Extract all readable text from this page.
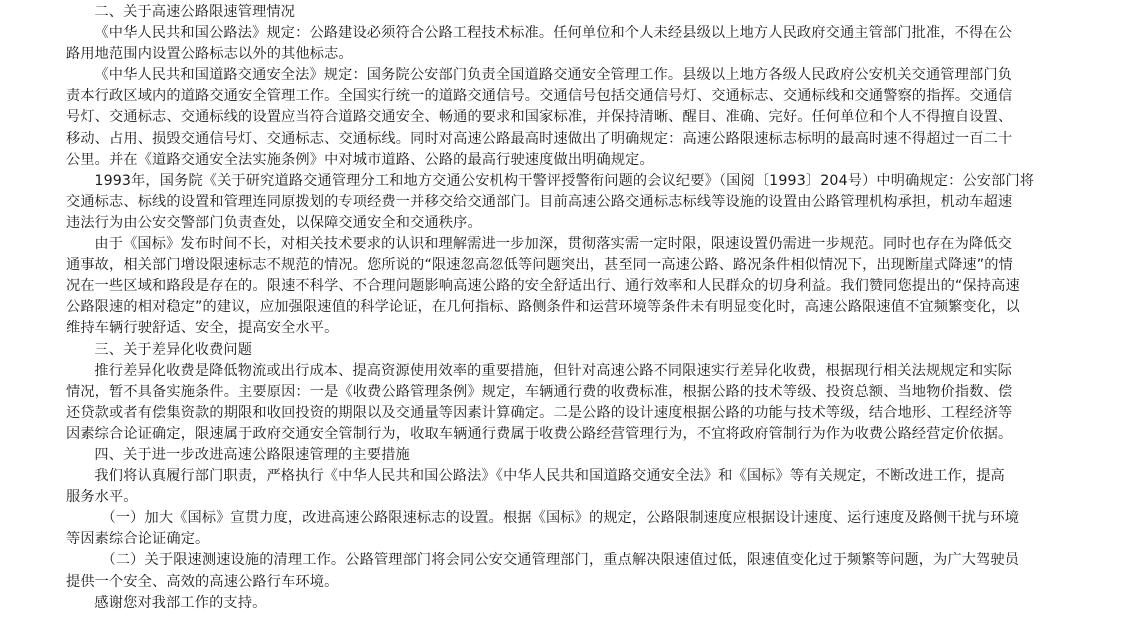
二、关于高速公路限速管理情况

《中华人民共和国公路法》规定：公路建设必须符合公路工程技术标准。任何单位和个人未经县级以上地方人民政府交通主管部门批准，不得在公
路用地范围内设置公路标志以外的其他标志。

《中华人民共和国道路交通安全法》规定：国务院公安部门负责全国道路交通安全管理工作。县级以上地方各级人民政府公安机关交通管理部门负
责本行政区域内的道路交通安全管理工作。全国实行统一的道路交通信号。交通信号包括交通信号灯、交通标志、交通标线和交通警察的指挥。交通信
号灯、交通标志、交通标线的设置应当符合道路交通安全、畅通的要求和国家标准，并保持清晰、醒目、准确、完好。任何单位和个人不得擅自设置、
移动、占用、损毁交通信号灯、交通标志、交通标线。同时对高速公路最高时速做出了明确规定：高速公路限速标志标明的最高时速不得超过一百二十
公里。并在《道路交通安全法实施条例》中对城市道路、公路的最高行驶速度做出明确规定。

1993年，国务院《关于研究道路交通管理分工和地方交通公安机构干警评授警衔问题的会议纪要》（国阅〔1993〕204号）中明确规定：公安部门将
交通标志、标线的设置和管理连同原拨划的专项经费一并移交给交通部门。目前高速公路交通标志标线等设施的设置由公路管理机构承担，机动车超速
违法行为由公安交警部门负责查处，以保障交通安全和交通秩序。

由于《国标》发布时间不长，对相关技术要求的认识和理解需进一步加深，贯彻落实需一定时限，限速设置仍需进一步规范。同时也存在为降低交
通事故，相关部门增设限速标志不规范的情况。您所说的“限速忽高忽低等问题突出，甚至同一高速公路、路况条件相似情况下，出现断崖式降速”的情
况在一些区域和路段是存在的。限速不科学、不合理问题影响高速公路的安全舒适出行、通行效率和人民群众的切身利益。我们赞同您提出的“保持高速
公路限速的相对稳定”的建议，应加强限速值的科学论证，在几何指标、路侧条件和运营环境等条件未有明显变化时，高速公路限速值不宜频繁变化，以
维持车辆行驶舒适、安全，提高安全水平。

三、关于差异化收费问题

推行差异化收费是降低物流或出行成本、提高资源使用效率的重要措施，但针对高速公路不同限速实行差异化收费，根据现行相关法规规定和实际
情况，暂不具备实施条件。主要原因：一是《收费公路管理条例》规定，车辆通行费的收费标准，根据公路的技术等级、投资总额、当地物价指数、偿
还贷款或者有偿集资款的期限和收回投资的期限以及交通量等因素计算确定。二是公路的设计速度根据公路的功能与技术等级，结合地形、工程经济等
因素综合论证确定，限速属于政府交通安全管制行为，收取车辆通行费属于收费公路经营管理行为，不宜将政府管制行为作为收费公路经营定价依据。

四、关于进一步改进高速公路限速管理的主要措施

我们将认真履行部门职责，严格执行《中华人民共和国公路法》《中华人民共和国道路交通安全法》和《国标》等有关规定，不断改进工作，提高
服务水平。

（一）加大《国标》宣贯力度，改进高速公路限速标志的设置。根据《国标》的规定，公路限制速度应根据设计速度、运行速度及路侧干扰与环境
等因素综合论证确定。

（二）关于限速测速设施的清理工作。公路管理部门将会同公安交通管理部门，重点解决限速值过低，限速值变化过于频繁等问题，为广大驾驶员
提供一个安全、高效的高速公路行车环境。

感谢您对我部工作的支持。
